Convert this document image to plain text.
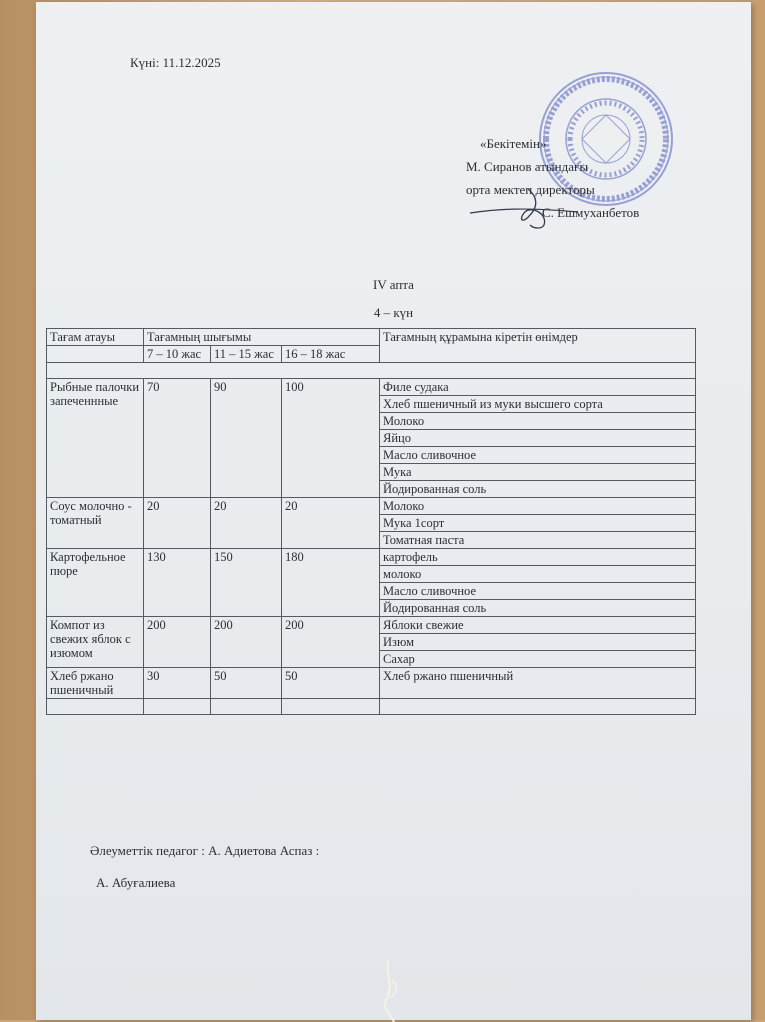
Күні: 11.12.2025
«Бекітемін»
М. Сиранов атындағы
орта мектеп директоры
С. Ешмуханбетов
IV апта
4 – күн
Тағам атауы	Тағамның шығымы			Тағамның құрамына кіретін өнімдер
	7 – 10 жас	11 – 15 жас	16 – 18 жас	

Рыбные палочки запеченнные	70	90	100	Филе судака
				Хлеб пшеничный из муки высшего сорта
				Молоко
				Яйцо
				Масло сливочное
				Мука
				Йодированная соль
Соус молочно - томатный	20	20	20	Молоко
				Мука 1сорт
				Томатная паста
Картофельное пюре	130	150	180	картофель
				молоко
				Масло сливочное
				Йодированная соль
Компот из свежих яблок с изюмом	200	200	200	Яблоки свежие
				Изюм
				Сахар
Хлеб ржано пшеничный	30	50	50	Хлеб ржано пшеничный

Әлеуметтік педагог : А. Адиетова Аспаз :
А. Абуғалиева
